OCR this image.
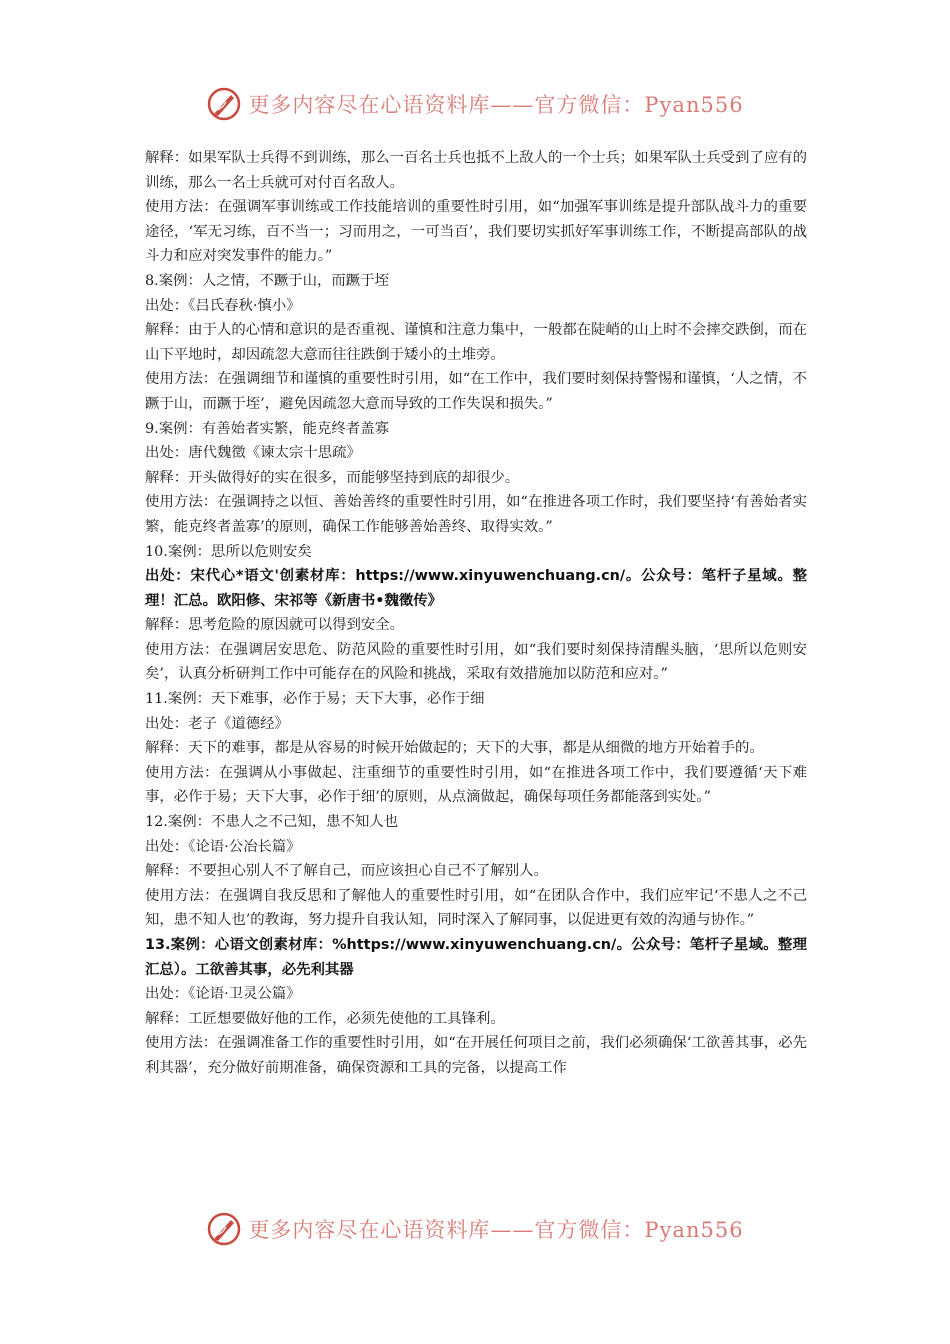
更多内容尽在心语资料库——官方微信：Pyan556

解释：如果军队士兵得不到训练，那么一百名士兵也抵不上敌人的一个士兵；如果军队士兵受到了应有的训练，那么一名士兵就可对付百名敌人。

使用方法：在强调军事训练或工作技能培训的重要性时引用，如“加强军事训练是提升部队战斗力的重要途径，‘军无习练，百不当一；习而用之，一可当百’，我们要切实抓好军事训练工作，不断提高部队的战斗力和应对突发事件的能力。”

8.案例：人之情，不蹶于山，而蹶于垤

出处：《吕氏春秋·慎小》

解释：由于人的心情和意识的是否重视、谨慎和注意力集中，一般都在陡峭的山上时不会摔交跌倒，而在山下平地时，却因疏忽大意而往往跌倒于矮小的土堆旁。

使用方法：在强调细节和谨慎的重要性时引用，如“在工作中，我们要时刻保持警惕和谨慎，‘人之情，不蹶于山，而蹶于垤’，避免因疏忽大意而导致的工作失误和损失。”

9.案例：有善始者实繁，能克终者盖寡

出处：唐代魏徵《谏太宗十思疏》

解释：开头做得好的实在很多，而能够坚持到底的却很少。

使用方法：在强调持之以恒、善始善终的重要性时引用，如“在推进各项工作时，我们要坚持‘有善始者实繁，能克终者盖寡’的原则，确保工作能够善始善终、取得实效。”

10.案例：思所以危则安矣

出处：宋代心*语文'创素材库：https://www.xinyuwenchuang.cn/。公众号：笔杆子星域。整理！汇总。欧阳修、宋祁等《新唐书•魏徵传》

解释：思考危险的原因就可以得到安全。

使用方法：在强调居安思危、防范风险的重要性时引用，如“我们要时刻保持清醒头脑，‘思所以危则安矣’，认真分析研判工作中可能存在的风险和挑战，采取有效措施加以防范和应对。”

11.案例：天下难事，必作于易；天下大事，必作于细

出处：老子《道德经》

解释：天下的难事，都是从容易的时候开始做起的；天下的大事，都是从细微的地方开始着手的。

使用方法：在强调从小事做起、注重细节的重要性时引用，如“在推进各项工作中，我们要遵循‘天下难事，必作于易；天下大事，必作于细’的原则，从点滴做起，确保每项任务都能落到实处。”

12.案例：不患人之不己知，患不知人也

出处：《论语·公冶长篇》

解释：不要担心别人不了解自己，而应该担心自己不了解别人。

使用方法：在强调自我反思和了解他人的重要性时引用，如“在团队合作中，我们应牢记‘不患人之不己知，患不知人也’的教诲，努力提升自我认知，同时深入了解同事，以促进更有效的沟通与协作。”

13.案例：心语文创素材库：%https://www.xinyuwenchuang.cn/。公众号：笔杆子星域。整理汇总）。工欲善其事，必先利其器

出处：《论语·卫灵公篇》

解释：工匠想要做好他的工作，必须先使他的工具锋利。

使用方法：在强调准备工作的重要性时引用，如“在开展任何项目之前，我们必须确保‘工欲善其事，必先利其器’，充分做好前期准备，确保资源和工具的完备，以提高工作

更多内容尽在心语资料库——官方微信：Pyan556
